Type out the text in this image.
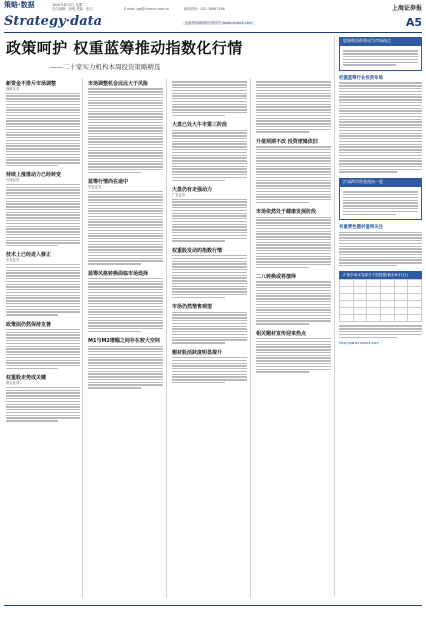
策略·数据	2006年6月2日 星期二
责任编辑：徐瑞 美编：张洁	E-mail: gaj@xinmin.com.cn	新闻热线：021-38967296	上海证券报
Strategy·data	全系列券商网站行情平台 www.cnstock.com	A5
政策呵护 权重蓝筹推动指数化行情
——二十家实力机构本周投资策略精选
新资金不排斥市场调整
湘财证券
持续上涨推动力已经转变
长城证券
技术上已经进入修正
东吴证券
政策面仍然保持友善
权重股走势成关键
联合证券
市场调整机会远远大于风险
蓝筹行情尚在途中
华泰证券
蓝筹风格转换面临市场选择
M1与M2增幅之间存在较大空间
大盘已处大牛市第三阶段
大盘仍有走强动力
广发证券
权重股发动的指数行情
市场仍然惜售观望
题材股活跃度明显提升
升值预期不改 投资逻辑依旧
市场依然处于健康发展阶段
二八转换或将演绎
相关题材宣传迎来热点
股指期货即将成为市场热点
把握蓝筹行业投资布局
沪深两市资金流向一览
有重要性题材值得关注
沪深市场本周部分个股数据(截至6月1日)

http://www.cnstock.com
